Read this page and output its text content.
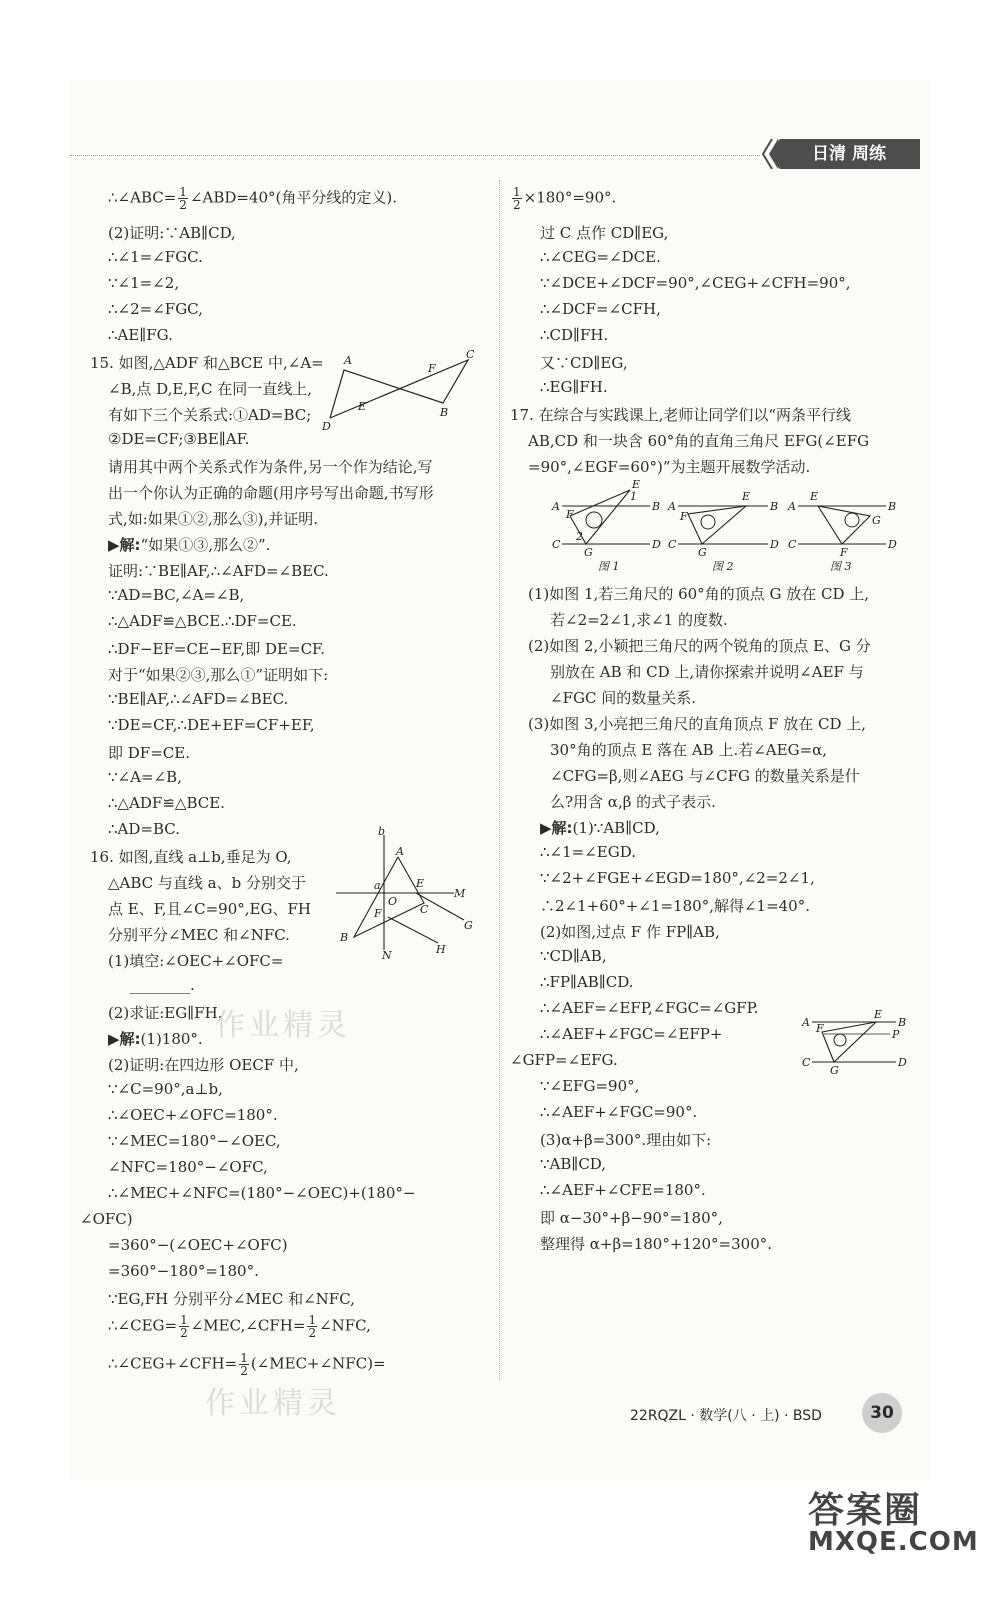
日清 周练
∴∠ABC= $\frac{1}{2}$ ∠ABD=40°(角平分线的定义).
(2)证明:∵AB∥CD,
∴∠1=∠FGC.
∵∠1=∠2,
∴∠2=∠FGC,
∴AE∥FG.
15. 如图,△ADF 和△BCE 中,∠A=
∠B,点 D,E,F,C 在同一直线上,
有如下三个关系式:①AD=BC;
②DE=CF;③BE∥AF.
请用其中两个关系式作为条件,另一个作为结论,写
出一个你认为正确的命题(用序号写出命题,书写形
式,如:如果①②,那么③),并证明.
▶解:“如果①③,那么②”.
证明:∵BE∥AF,∴∠AFD=∠BEC.
∵AD=BC,∠A=∠B,
∴△ADF≌△BCE.∴DF=CE.
∴DF−EF=CE−EF,即 DE=CF.
对于“如果②③,那么①”证明如下:
∵BE∥AF,∴∠AFD=∠BEC.
∵DE=CF,∴DE+EF=CF+EF,
即 DF=CE.
∵∠A=∠B,
∴△ADF≌△BCE.
∴AD=BC.
16. 如图,直线 a⊥b,垂足为 O,
△ABC 与直线 a、b 分别交于
点 E、F,且∠C=90°,EG、FH
分别平分∠MEC 和∠NFC.
(1)填空:∠OEC+∠OFC=
________.
(2)求证:EG∥FH.
▶解:(1)180°.
(2)证明:在四边形 OECF 中,
∵∠C=90°,a⊥b,
∴∠OEC+∠OFC=180°.
∵∠MEC=180°−∠OEC,
∠NFC=180°−∠OFC,
∴∠MEC+∠NFC=(180°−∠OEC)+(180°−
∠OFC)
=360°−(∠OEC+∠OFC)
=360°−180°=180°.
∵EG,FH 分别平分∠MEC 和∠NFC,
∴∠CEG= $\frac{1}{2}$ ∠MEC,∠CFH= $\frac{1}{2}$ ∠NFC,
∴∠CEG+∠CFH= $\frac{1}{2}$ (∠MEC+∠NFC)=
A	C
F
E	B
D
b
A
a	E
M
O
F	C
G
B
N	H
$\frac{1}{2} \times 180^\circ=90^\circ$.
过 C 点作 CD∥EG,
∴∠CEG=∠DCE.
∵∠DCE+∠DCF=90°,∠CEG+∠CFH=90°,
∴∠DCF=∠CFH,
∴CD∥FH.
又∵CD∥EG,
∴EG∥FH.
17. 在综合与实践课上,老师让同学们以“两条平行线
AB,CD 和一块含 60°角的直角三角尺 EFG(∠EFG
=90°,∠EGF=60°)”为主题开展数学活动.
(1)如图 1,若三角尺的 60°角的顶点 G 放在 CD 上,
若∠2=2∠1,求∠1 的度数.
(2)如图 2,小颖把三角尺的两个锐角的顶点 E、G 分
别放在 AB 和 CD 上,请你探索并说明∠AEF 与
∠FGC 间的数量关系.
(3)如图 3,小亮把三角尺的直角顶点 F 放在 CD 上,
30°角的顶点 E 落在 AB 上.若∠AEG=α,
∠CFG=β,则∠AEG 与∠CFG 的数量关系是什
么?用含 α,β 的式子表示.
▶解:(1)∵AB∥CD,
∴∠1=∠EGD.
∵∠2+∠FGE+∠EGD=180°,∠2=2∠1,
∴2∠1+60°+∠1=180°,解得∠1=40°.
(2)如图,过点 F 作 FP∥AB,
∵CD∥AB,
∴FP∥AB∥CD.
∴∠AEF=∠EFP,∠FGC=∠GFP.
∴∠AEF+∠FGC=∠EFP+
∠GFP=∠EFG.
∵∠EFG=90°,
∴∠AEF+∠FGC=90°.
(3)α+β=300°.理由如下:
∵AB∥CD,
∴∠AEF+∠CFE=180°.
即 α−30°+β−90°=180°,
整理得 α+β=180°+120°=300°.
A	B
E
1
F
2
C	D
G
图 1
A
E
B
F
C
G
D
图 2
E
A	B
G
C
F
D
图 3
A
E
B
F	P
C
G
D
作业精灵
作业精灵	22RQZL · 数学(八 · 上) · BSD	30
答案圈
MXQE.COM
